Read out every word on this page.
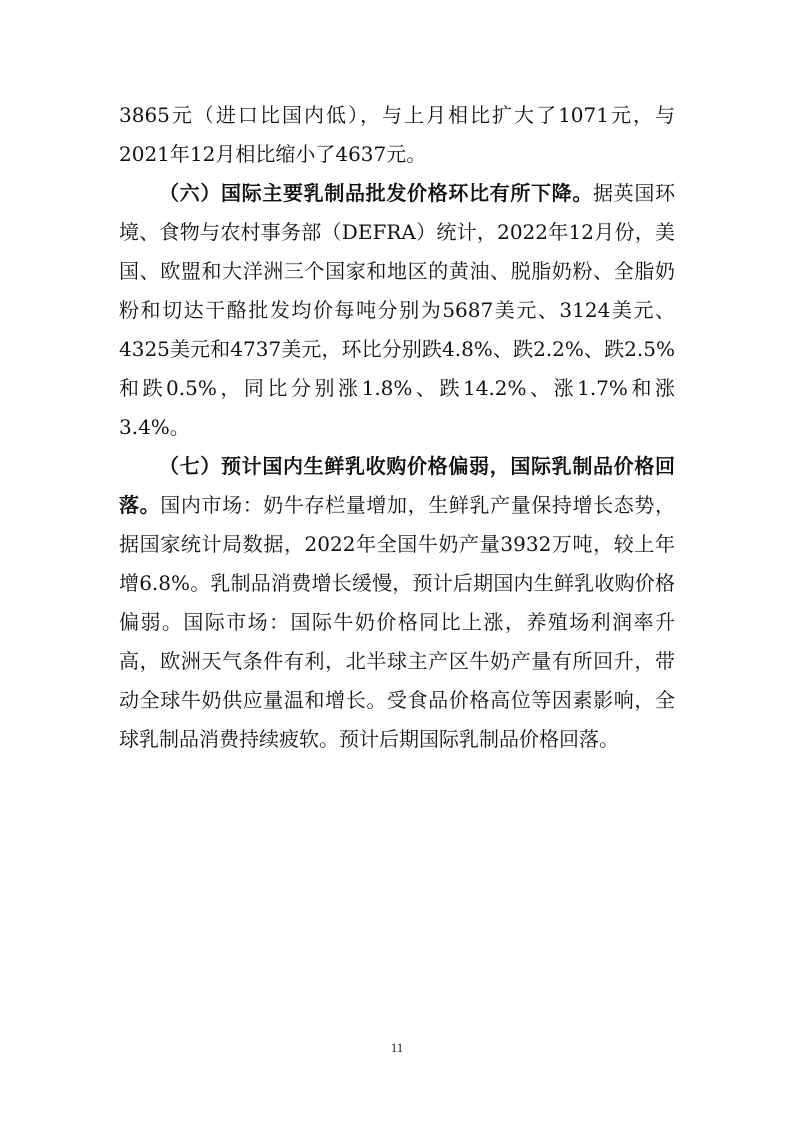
3865元（进口比国内低），与上月相比扩大了1071元，与2021年12月相比缩小了4637元。

（六）国际主要乳制品批发价格环比有所下降。据英国环境、食物与农村事务部（DEFRA）统计，2022年12月份，美国、欧盟和大洋洲三个国家和地区的黄油、脱脂奶粉、全脂奶粉和切达干酪批发均价每吨分别为5687美元、3124美元、4325美元和4737美元，环比分别跌4.8%、跌2.2%、跌2.5%和跌0.5%，同比分别涨1.8%、跌14.2%、涨1.7%和涨3.4%。

（七）预计国内生鲜乳收购价格偏弱，国际乳制品价格回落。国内市场：奶牛存栏量增加，生鲜乳产量保持增长态势，据国家统计局数据，2022年全国牛奶产量3932万吨，较上年增6.8%。乳制品消费增长缓慢，预计后期国内生鲜乳收购价格偏弱。国际市场：国际牛奶价格同比上涨，养殖场利润率升高，欧洲天气条件有利，北半球主产区牛奶产量有所回升，带动全球牛奶供应量温和增长。受食品价格高位等因素影响，全球乳制品消费持续疲软。预计后期国际乳制品价格回落。

11
